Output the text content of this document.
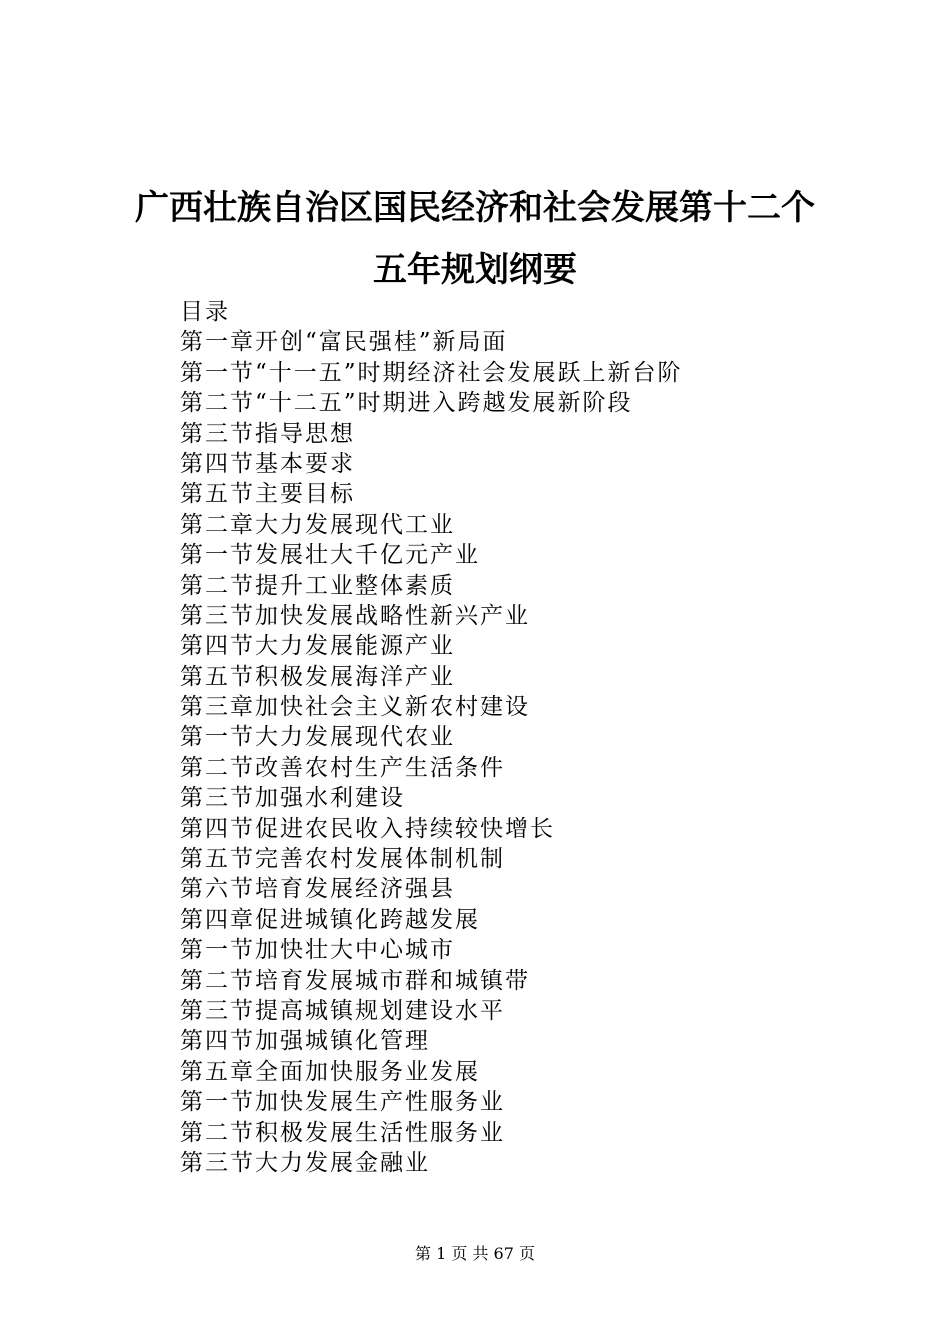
广西壮族自治区国民经济和社会发展第十二个
五年规划纲要
目录
第一章开创“富民强桂”新局面
第一节“十一五”时期经济社会发展跃上新台阶
第二节“十二五”时期进入跨越发展新阶段
第三节指导思想
第四节基本要求
第五节主要目标
第二章大力发展现代工业
第一节发展壮大千亿元产业
第二节提升工业整体素质
第三节加快发展战略性新兴产业
第四节大力发展能源产业
第五节积极发展海洋产业
第三章加快社会主义新农村建设
第一节大力发展现代农业
第二节改善农村生产生活条件
第三节加强水利建设
第四节促进农民收入持续较快增长
第五节完善农村发展体制机制
第六节培育发展经济强县
第四章促进城镇化跨越发展
第一节加快壮大中心城市
第二节培育发展城市群和城镇带
第三节提高城镇规划建设水平
第四节加强城镇化管理
第五章全面加快服务业发展
第一节加快发展生产性服务业
第二节积极发展生活性服务业
第三节大力发展金融业
第 1 页 共 67 页
